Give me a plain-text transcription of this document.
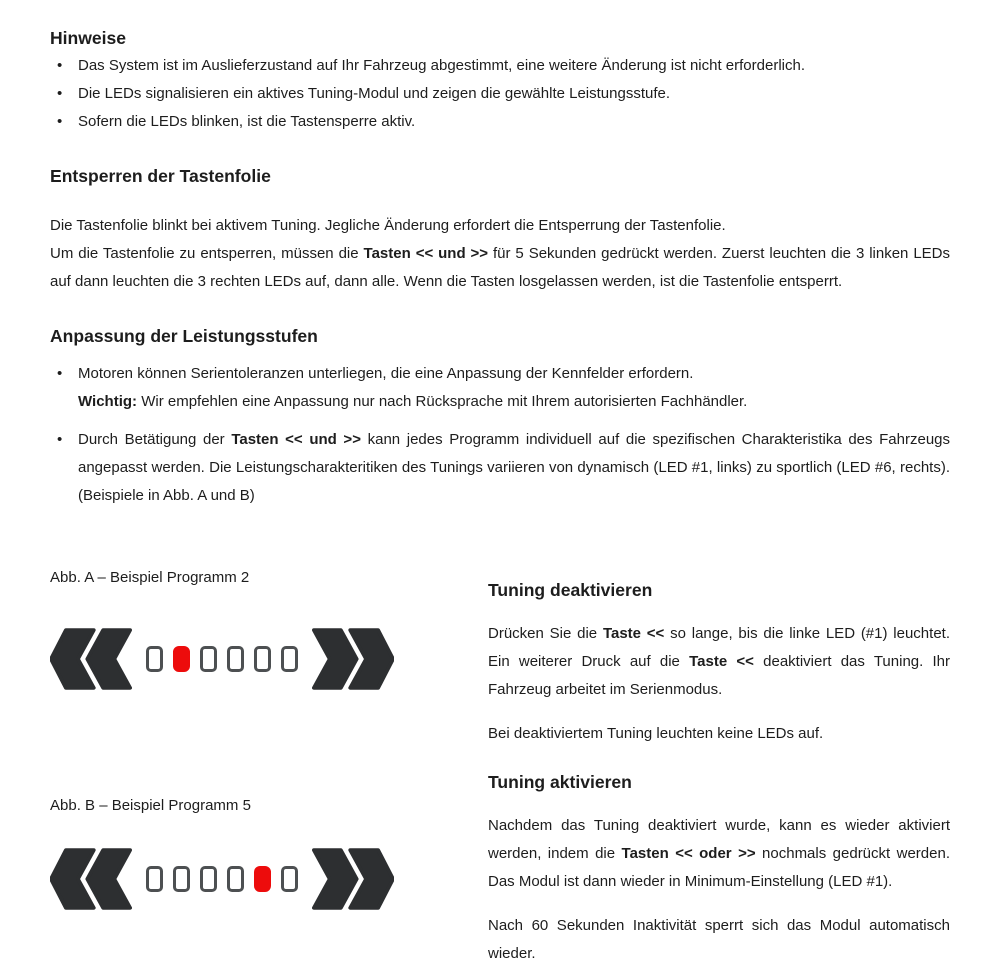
Hinweise
•	Das System ist im Auslieferzustand auf Ihr Fahrzeug abgestimmt, eine weitere Änderung ist nicht erforderlich.
•	Die LEDs signalisieren ein aktives Tuning-Modul und zeigen die gewählte Leistungsstufe.
•	Sofern die LEDs blinken, ist die Tastensperre aktiv.
Entsperren der Tastenfolie
Die Tastenfolie blinkt bei aktivem Tuning. Jegliche Änderung erfordert die Entsperrung der Tastenfolie.
Um die Tastenfolie zu entsperren, müssen die Tasten << und >> für 5 Sekunden gedrückt werden. Zuerst leuchten die 3 linken LEDs auf dann leuchten die 3 rechten LEDs auf, dann alle. Wenn die Tasten losgelassen werden, ist die Tastenfolie entsperrt.
Anpassung der Leistungsstufen
•	Motoren können Serientoleranzen unterliegen, die eine Anpassung der Kennfelder erfordern.
Wichtig: Wir empfehlen eine Anpassung nur nach Rücksprache mit Ihrem autorisierten Fachhändler.
•	Durch Betätigung der Tasten << und >> kann jedes Programm individuell auf die spezifischen Charakteristika des Fahrzeugs angepasst werden. Die Leistungscharakteritiken des Tunings variieren von dynamisch (LED #1, links) zu sportlich (LED #6, rechts).(Beispiele in Abb. A und B)
Abb. A – Beispiel Programm 2
Abb. B – Beispiel Programm 5
Tuning deaktivieren
Drücken Sie die Taste << so lange, bis die linke LED (#1) leuchtet. Ein weiterer Druck auf die Taste << deaktiviert das Tuning. Ihr Fahrzeug arbeitet im Serienmodus.
Bei deaktiviertem Tuning leuchten keine LEDs auf.
Tuning aktivieren
Nachdem das Tuning deaktiviert wurde, kann es wieder aktiviert werden, indem die Tasten << oder >> nochmals gedrückt werden. Das Modul ist dann wieder in Minimum-Einstellung (LED #1).
Nach 60 Sekunden Inaktivität sperrt sich das Modul automatisch wieder.
